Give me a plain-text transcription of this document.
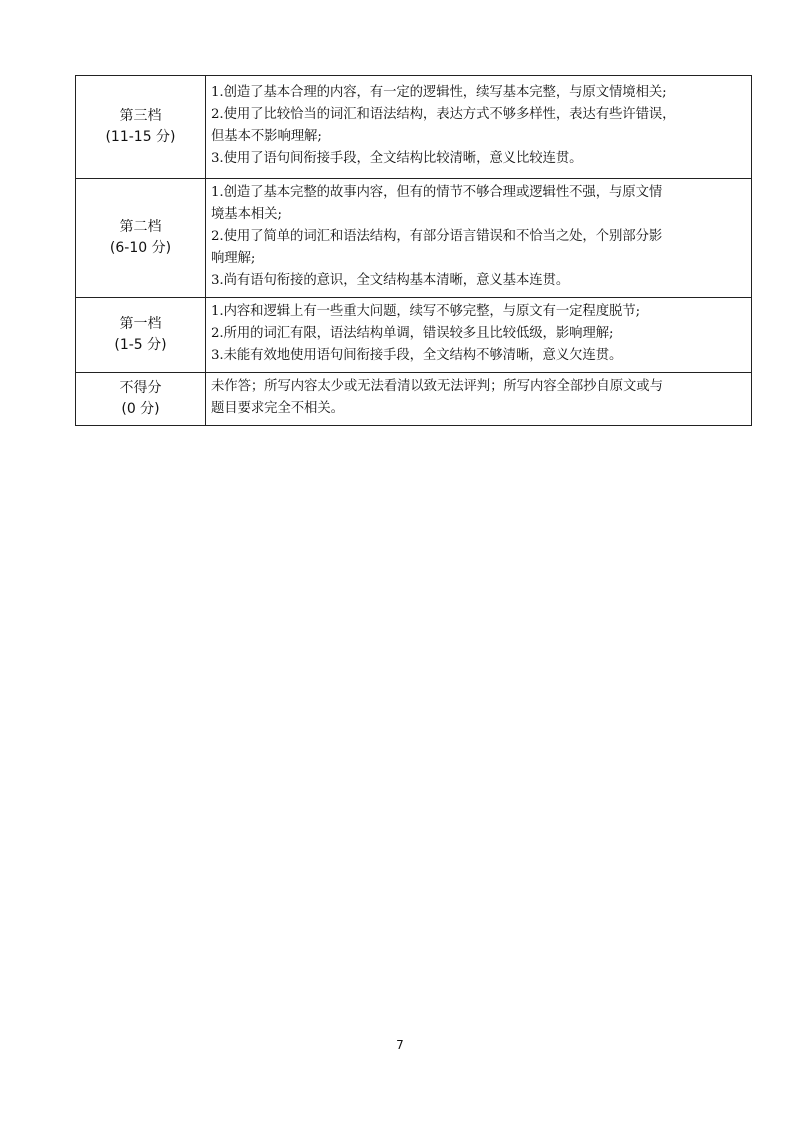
第三档
(11-15 分)	1.创造了基本合理的内容，有一定的逻辑性，续写基本完整，与原文情境相关;
2.使用了比较恰当的词汇和语法结构，表达方式不够多样性，表达有些许错误，
但基本不影响理解;
3.使用了语句间衔接手段，全文结构比较清晰，意义比较连贯。

第二档
(6-10 分)	1.创造了基本完整的故事内容，但有的情节不够合理或逻辑性不强，与原文情
境基本相关;
2.使用了简单的词汇和语法结构，有部分语言错误和不恰当之处，个别部分影
响理解;
3.尚有语句衔接的意识，全文结构基本清晰，意义基本连贯。

第一档
(1-5 分)	1.内容和逻辑上有一些重大问题，续写不够完整，与原文有一定程度脱节;
2.所用的词汇有限，语法结构单调，错误较多且比较低级，影响理解;
3.未能有效地使用语句间衔接手段，全文结构不够清晰，意义欠连贯。

不得分
(0 分)	未作答；所写内容太少或无法看清以致无法评判；所写内容全部抄自原文或与
题目要求完全不相关。
7
